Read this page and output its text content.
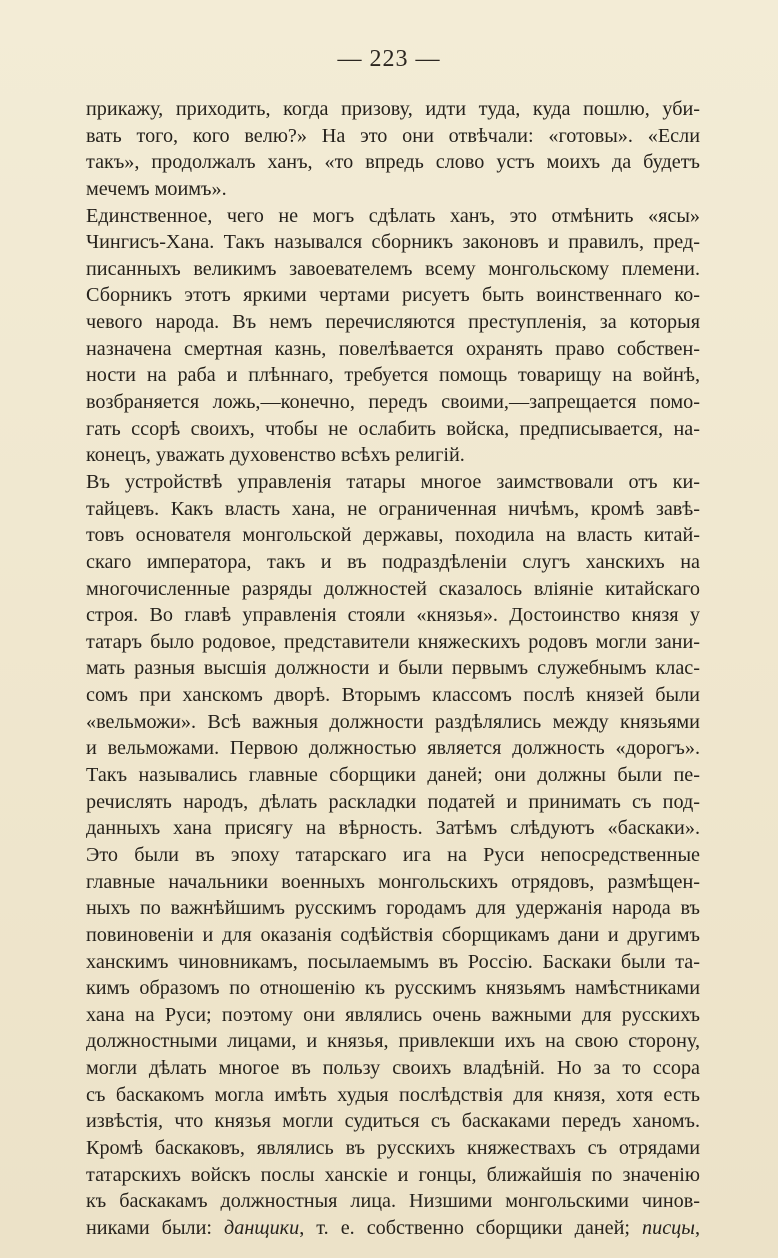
— 223 —
прикажу, приходить, когда призову, идти туда, куда пошлю, уби-
вать того, кого велю?» На это они отвѣчали: «готовы». «Если
такъ», продолжалъ ханъ, «то впредь слово устъ моихъ да будетъ
мечемъ моимъ».
Единственное, чего не могъ сдѣлать ханъ, это отмѣнить «ясы»
Чингисъ-Хана. Такъ назывался сборникъ законовъ и правилъ, пред-
писанныхъ великимъ завоевателемъ всему монгольскому племени.
Сборникъ этотъ яркими чертами рисуетъ быть воинственнаго ко-
чевого народа. Въ немъ перечисляются преступленія, за которыя
назначена смертная казнь, повелѣвается охранять право собствен-
ности на раба и плѣннаго, требуется помощь товарищу на войнѣ,
возбраняется ложь,—конечно, передъ своими,—запрещается помо-
гать ссорѣ своихъ, чтобы не ослабить войска, предписывается, на-
конецъ, уважать духовенство всѣхъ религій.
Въ устройствѣ управленія татары многое заимствовали отъ ки-
тайцевъ. Какъ власть хана, не ограниченная ничѣмъ, кромѣ завѣ-
товъ основателя монгольской державы, походила на власть китай-
скаго императора, такъ и въ подраздѣленіи слугъ ханскихъ на
многочисленные разряды должностей сказалось вліяніе китайскаго
строя. Во главѣ управленія стояли «князья». Достоинство князя у
татаръ было родовое, представители княжескихъ родовъ могли зани-
мать разныя высшія должности и были первымъ служебнымъ клас-
сомъ при ханскомъ дворѣ. Вторымъ классомъ послѣ князей были
«вельможи». Всѣ важныя должности раздѣлялись между князьями
и вельможами. Первою должностью является должность «дорогъ».
Такъ назывались главные сборщики даней; они должны были пе-
речислять народъ, дѣлать раскладки податей и принимать съ под-
данныхъ хана присягу на вѣрность. Затѣмъ слѣдуютъ «баскаки».
Это были въ эпоху татарскаго ига на Руси непосредственные
главные начальники военныхъ монгольскихъ отрядовъ, размѣщен-
ныхъ по важнѣйшимъ русскимъ городамъ для удержанія народа въ
повиновеніи и для оказанія содѣйствія сборщикамъ дани и другимъ
ханскимъ чиновникамъ, посылаемымъ въ Россію. Баскаки были та-
кимъ образомъ по отношенію къ русскимъ князьямъ намѣстниками
хана на Руси; поэтому они являлись очень важными для русскихъ
должностными лицами, и князья, привлекши ихъ на свою сторону,
могли дѣлать многое въ пользу своихъ владѣній. Но за то ссора
съ баскакомъ могла имѣть худыя послѣдствія для князя, хотя есть
извѣстія, что князья могли судиться съ баскаками передъ ханомъ.
Кромѣ баскаковъ, являлись въ русскихъ княжествахъ съ отрядами
татарскихъ войскъ послы ханскіе и гонцы, ближайшія по значенію
къ баскакамъ должностныя лица. Низшими монгольскими чинов-
никами были: данщики, т. е. собственно сборщики даней; писцы,
